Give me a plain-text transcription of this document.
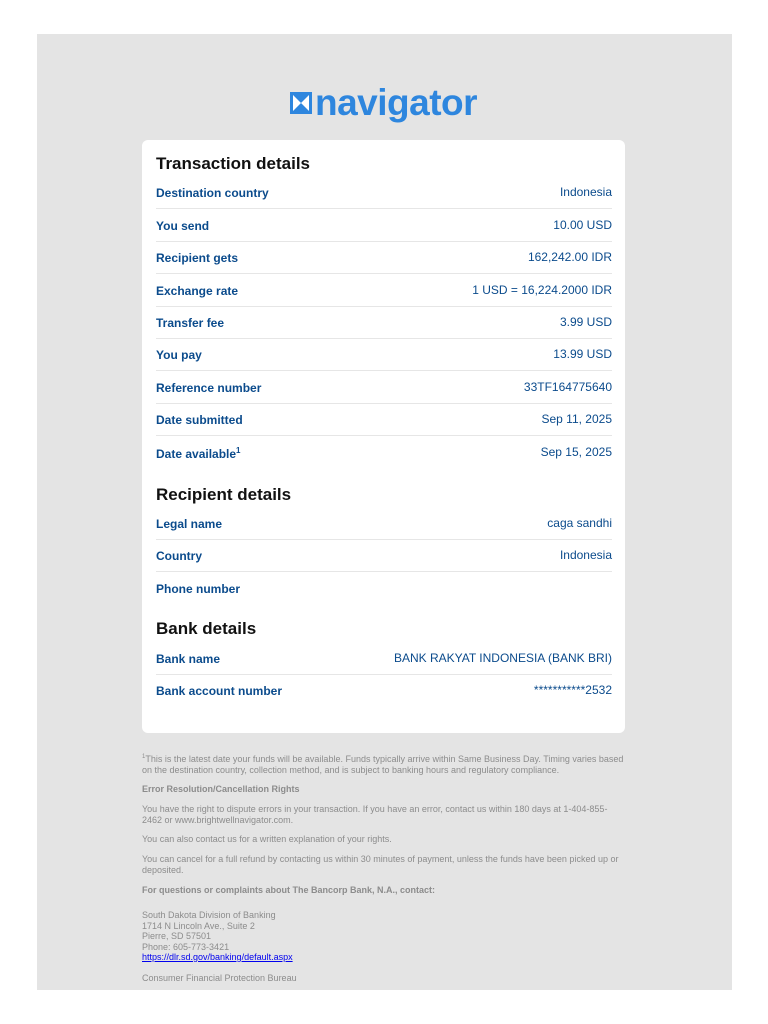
navigator
Transaction details
Destination country	Indonesia
You send	10.00 USD
Recipient gets	162,242.00 IDR
Exchange rate	1 USD = 16,224.2000 IDR
Transfer fee	3.99 USD
You pay	13.99 USD
Reference number	33TF164775640
Date submitted	Sep 11, 2025
Date available$^1$	Sep 15, 2025
Recipient details
Legal name	caga sandhi
Country	Indonesia
Phone number
Bank details
Bank name	BANK RAKYAT INDONESIA (BANK BRI)
Bank account number	***********2532
$^1$This is the latest date your funds will be available. Funds typically arrive within Same Business Day. Timing varies based on the destination country, collection method, and is subject to banking hours and regulatory compliance.
Error Resolution/Cancellation Rights
You have the right to dispute errors in your transaction. If you have an error, contact us within 180 days at 1-404-855-2462 or www.brightwellnavigator.com.
You can also contact us for a written explanation of your rights.
You can cancel for a full refund by contacting us within 30 minutes of payment, unless the funds have been picked up or deposited.
For questions or complaints about The Bancorp Bank, N.A., contact:
South Dakota Division of Banking
1714 N Lincoln Ave., Suite 2
Pierre, SD 57501
Phone: 605-773-3421
https://dlr.sd.gov/banking/default.aspx
Consumer Financial Protection Bureau
